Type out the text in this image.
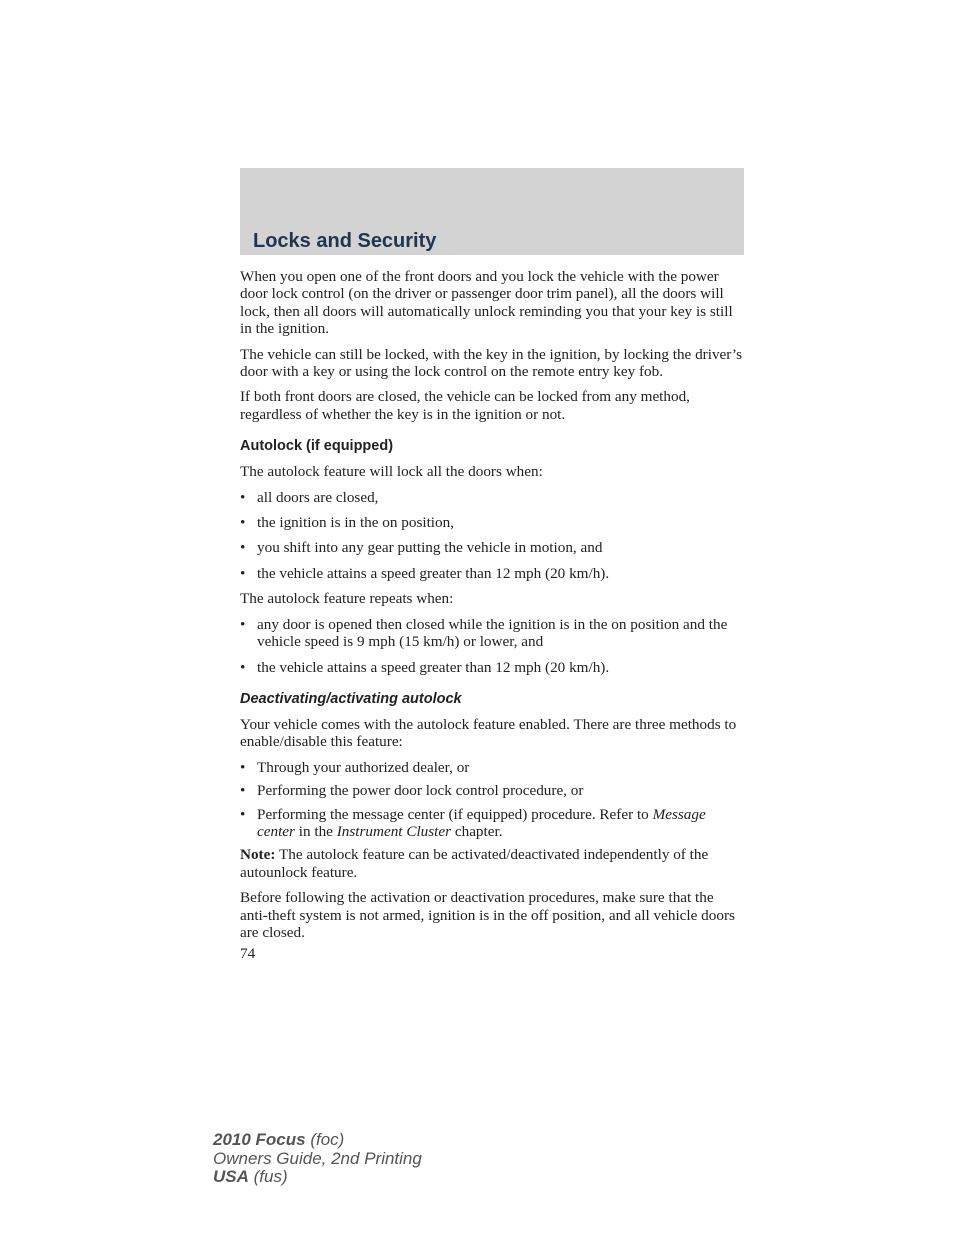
Locks and Security

When you open one of the front doors and you lock the vehicle with the power door lock control (on the driver or passenger door trim panel), all the doors will lock, then all doors will automatically unlock reminding you that your key is still in the ignition.

The vehicle can still be locked, with the key in the ignition, by locking the driver’s door with a key or using the lock control on the remote entry key fob.

If both front doors are closed, the vehicle can be locked from any method, regardless of whether the key is in the ignition or not.

Autolock (if equipped)

The autolock feature will lock all the doors when:

• all doors are closed,
• the ignition is in the on position,
• you shift into any gear putting the vehicle in motion, and
• the vehicle attains a speed greater than 12 mph (20 km/h).

The autolock feature repeats when:

• any door is opened then closed while the ignition is in the on position and the vehicle speed is 9 mph (15 km/h) or lower, and
• the vehicle attains a speed greater than 12 mph (20 km/h).
Deactivating/activating autolock

Your vehicle comes with the autolock feature enabled. There are three methods to enable/disable this feature:

• Through your authorized dealer, or
• Performing the power door lock control procedure, or
• Performing the message center (if equipped) procedure. Refer to Message center in the Instrument Cluster chapter.

Note: The autolock feature can be activated/deactivated independently of the autounlock feature.

Before following the activation or deactivation procedures, make sure that the anti-theft system is not armed, ignition is in the off position, and all vehicle doors are closed.

74
2010 Focus (foc)
Owners Guide, 2nd Printing
USA (fus)
